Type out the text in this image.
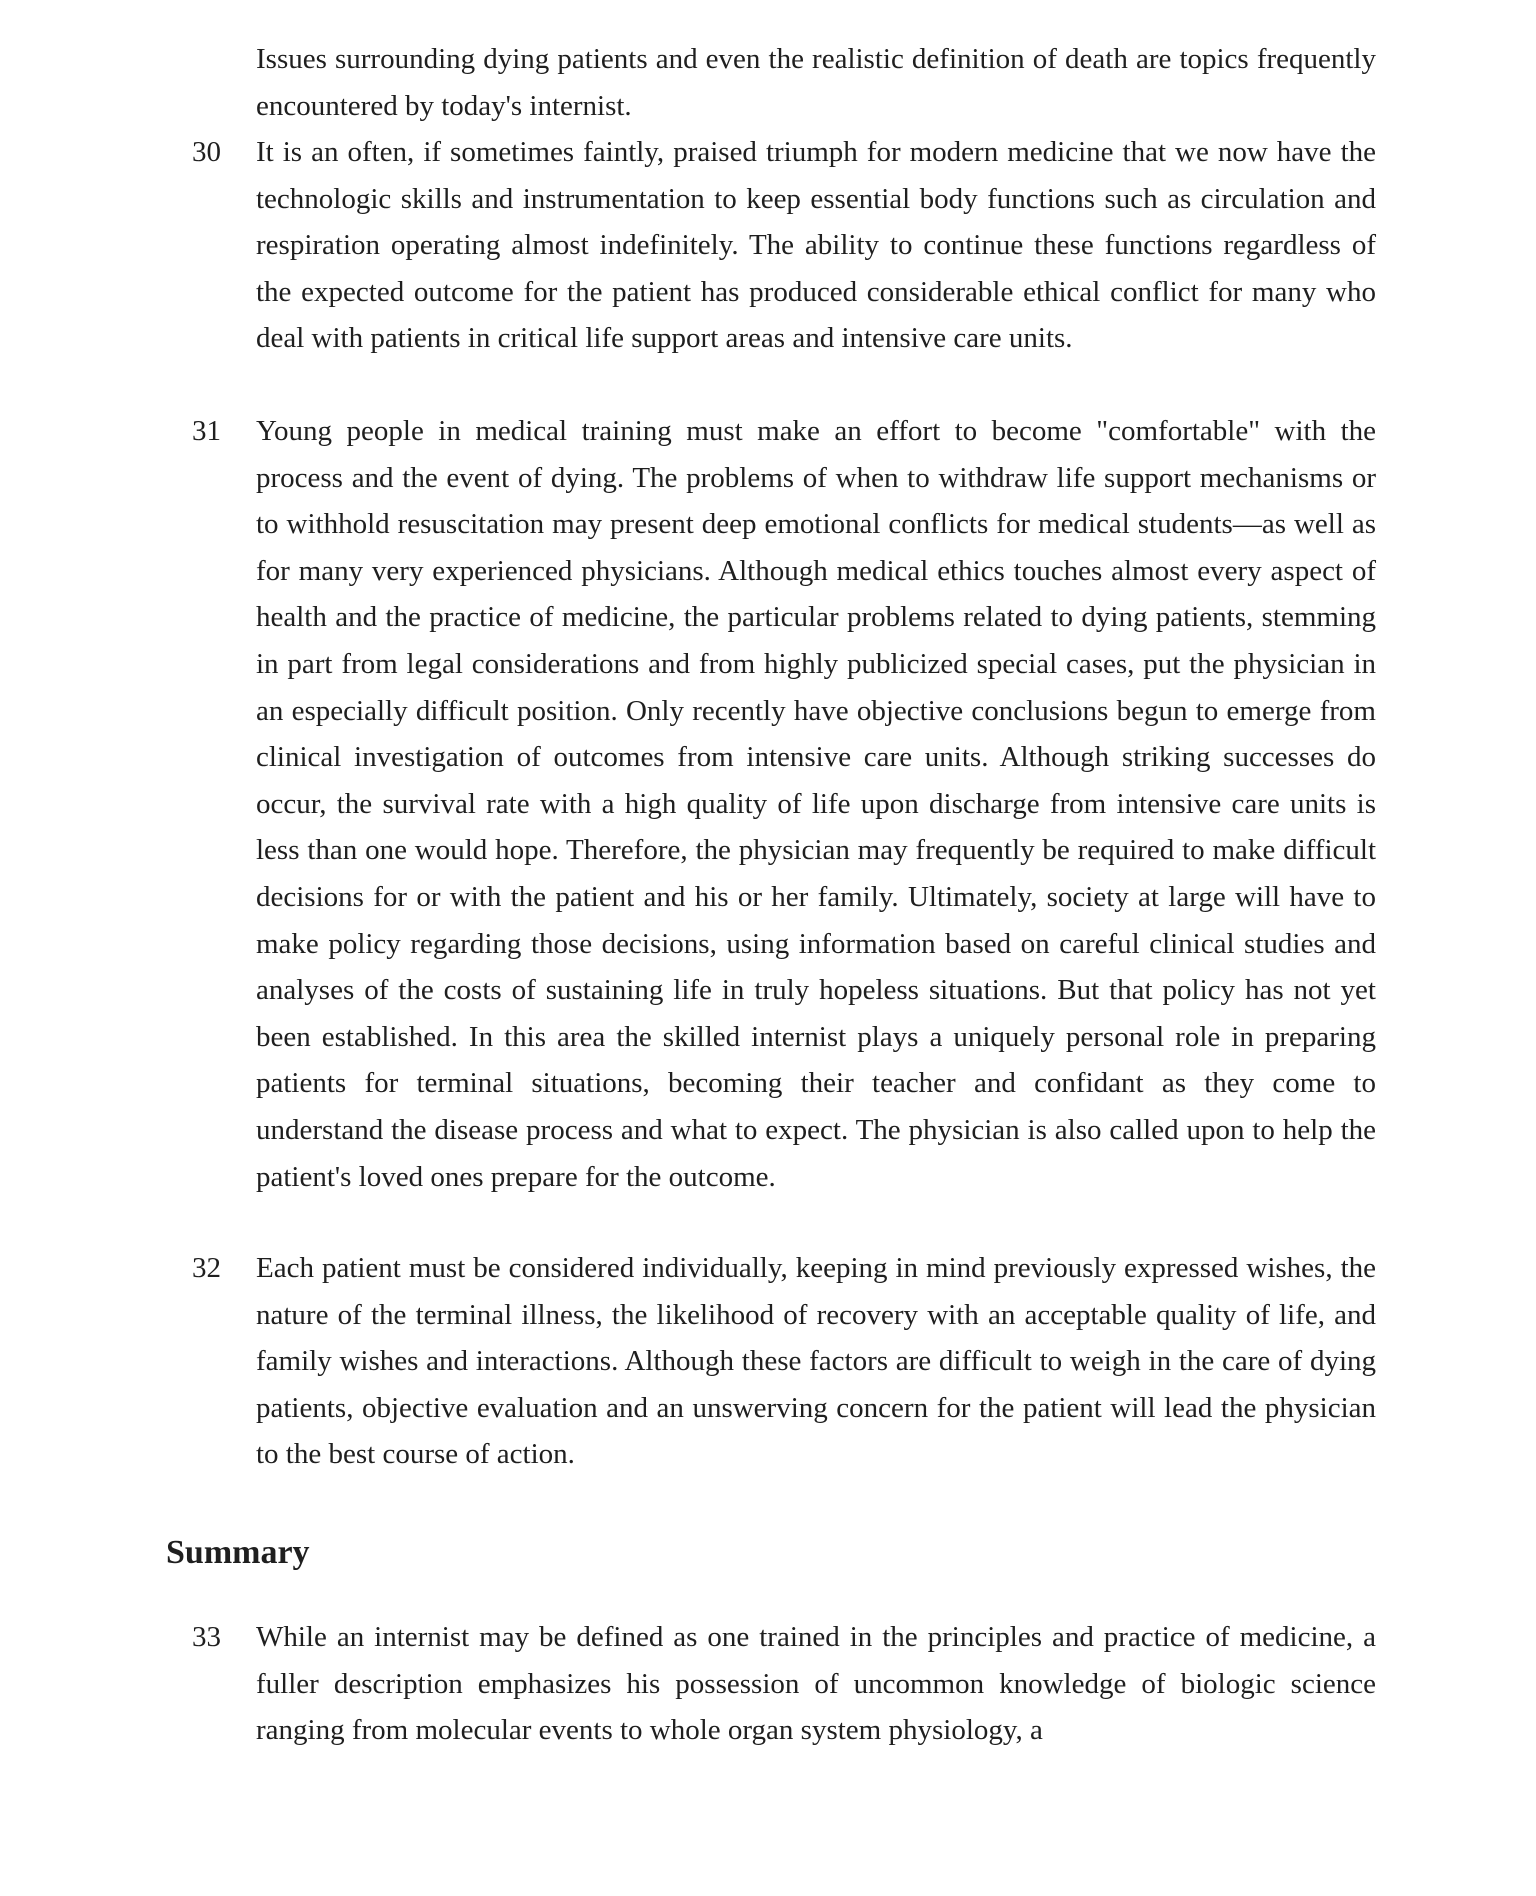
Issues surrounding dying patients and even the realistic definition of death are topics frequently encountered by today's internist.

30	It is an often, if sometimes faintly, praised triumph for modern medicine that we now have the technologic skills and instrumentation to keep essential body functions such as circulation and respiration operating almost indefinitely. The ability to continue these functions regardless of the expected outcome for the patient has produced considerable ethical conflict for many who deal with patients in critical life support areas and intensive care units.

31	Young people in medical training must make an effort to become "comfortable" with the process and the event of dying. The problems of when to withdraw life support mechanisms or to withhold resuscitation may present deep emotional conflicts for medical students—as well as for many very experienced physicians. Although medical ethics touches almost every aspect of health and the practice of medicine, the particular problems related to dying patients, stemming in part from legal considerations and from highly publicized special cases, put the physician in an especially difficult position. Only recently have objective conclusions begun to emerge from clinical investigation of outcomes from intensive care units. Although striking successes do occur, the survival rate with a high quality of life upon discharge from intensive care units is less than one would hope. Therefore, the physician may frequently be required to make difficult decisions for or with the patient and his or her family. Ultimately, society at large will have to make policy regarding those decisions, using information based on careful clinical studies and analyses of the costs of sustaining life in truly hopeless situations. But that policy has not yet been established. In this area the skilled internist plays a uniquely personal role in preparing patients for terminal situations, becoming their teacher and confidant as they come to understand the disease process and what to expect. The physician is also called upon to help the patient's loved ones prepare for the outcome.

32	Each patient must be considered individually, keeping in mind previously expressed wishes, the nature of the terminal illness, the likelihood of recovery with an acceptable quality of life, and family wishes and interactions. Although these factors are difficult to weigh in the care of dying patients, objective evaluation and an unswerving concern for the patient will lead the physician to the best course of action.

Summary
33	While an internist may be defined as one trained in the principles and practice of medicine, a fuller description emphasizes his possession of uncommon knowledge of biologic science ranging from molecular events to whole organ system physiology, a
